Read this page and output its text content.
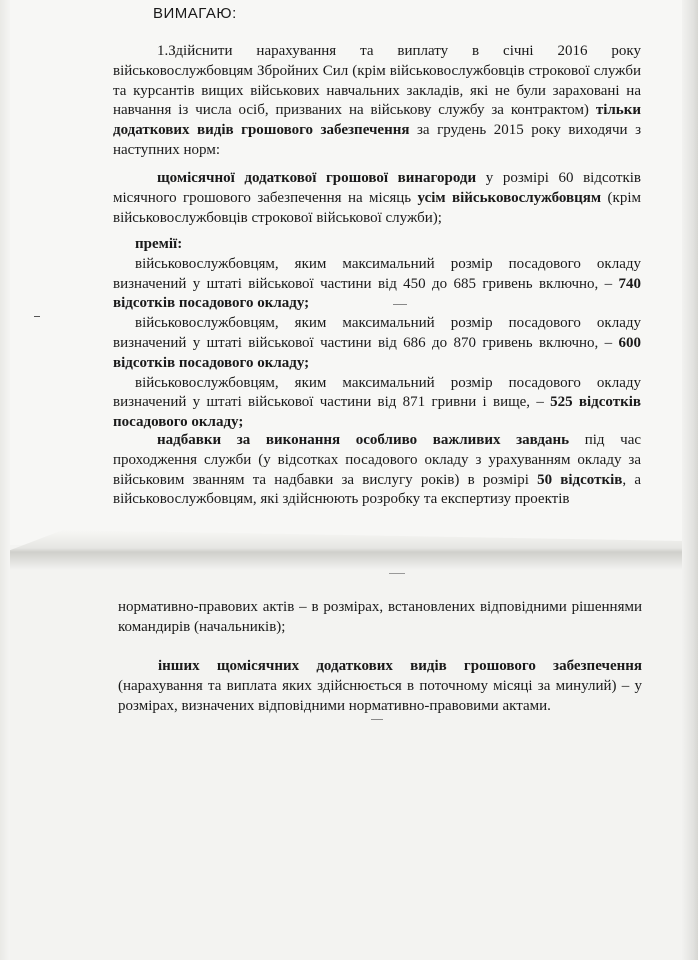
ВИМАГАЮ:
1.Здійснити нарахування та виплату в січні 2016 року військовослужбовцям Збройних Сил (крім військовослужбовців строкової служби та курсантів вищих військових навчальних закладів, які не були зараховані на навчання із числа осіб, призваних на військову службу за контрактом) тільки додаткових видів грошового забезпечення за грудень 2015 року виходячи з наступних норм:
щомісячної додаткової грошової винагороди у розмірі 60 відсотків місячного грошового забезпечення на місяць усім військовослужбовцям (крім військовослужбовців строкової військової служби);
премії:
військовослужбовцям, яким максимальний розмір посадового окладу визначений у штаті військової частини від 450 до 685 гривень включно, – 740 відсотків посадового окладу;
військовослужбовцям, яким максимальний розмір посадового окладу визначений у штаті військової частини від 686 до 870 гривень включно, – 600 відсотків посадового окладу;
військовослужбовцям, яким максимальний розмір посадового окладу визначений у штаті військової частини від 871 гривни і вище, – 525 відсотків посадового окладу;
надбавки за виконання особливо важливих завдань під час проходження служби (у відсотках посадового окладу з урахуванням окладу за військовим званням та надбавки за вислугу років) в розмірі 50 відсотків, а військовослужбовцям, які здійснюють розробку та експертизу проектів
нормативно-правових актів – в розмірах, встановлених відповідними рішеннями командирів (начальників);
інших щомісячних додаткових видів грошового забезпечення (нарахування та виплата яких здійснюється в поточному місяці за минулий) – у розмірах, визначених відповідними нормативно-правовими актами.
